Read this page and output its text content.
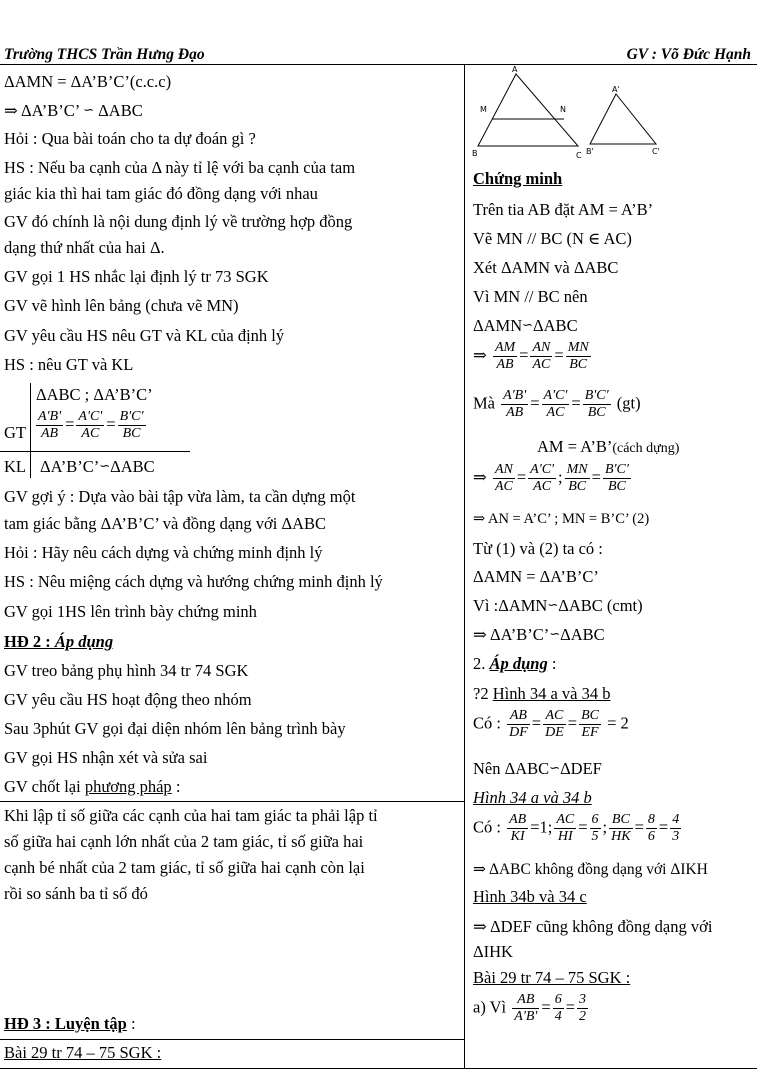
Trường THCS Trần Hưng Đạo	GV : Võ Đức Hạnh
ΔAMN = ΔA’B’C’(c.c.c)
⇒ ΔA’B’C’ ∽ ΔABC
Hỏi : Qua bài toán cho ta dự đoán gì ?
HS : Nếu ba cạnh của Δ này tỉ lệ với ba cạnh của tam
giác kia thì hai tam giác đó đồng dạng với nhau
GV đó chính là nội dung định lý về trường hợp đồng
dạng thứ nhất của hai Δ.
GV gọi 1 HS nhắc lại định lý tr 73 SGK
GV vẽ hình lên bảng (chưa vẽ MN)
GV yêu cầu HS nêu GT và KL của định lý
HS : nêu GT và KL
ΔABC ; ΔA’B’C’
GT $\frac{A'B'}{AB} = \frac{A'C'}{AC} = \frac{B'C'}{BC}$
KL ΔA’B’C’∽ΔABC
GV gợi ý : Dựa vào bài tập vừa làm, ta cần dựng một
tam giác bằng ΔA’B’C’ và đồng dạng với ΔABC
Hỏi : Hãy nêu cách dựng và chứng minh định lý
HS : Nêu miệng cách dựng và hướng chứng minh định lý
GV gọi 1HS lên trình bày chứng minh
HĐ 2 : Áp dụng
GV treo bảng phụ hình 34 tr 74 SGK
GV yêu cầu HS hoạt động theo nhóm
Sau 3phút GV gọi đại diện nhóm lên bảng trình bày
GV gọi HS nhận xét và sửa sai
GV chốt lại phương pháp :
Khi lập tỉ số giữa các cạnh của hai tam giác ta phải lập tỉ
số giữa hai cạnh lớn nhất của 2 tam giác, tỉ số giữa hai
cạnh bé nhất của 2 tam giác, tỉ số giữa hai cạnh còn lại
rồi so sánh ba tỉ số đó
HĐ 3 : Luyện tập :
Bài 29 tr 74 – 75 SGK :
A
M	N
B	C
A'
B'	C'
Chứng minh
Trên tia AB đặt AM = A’B’
Vẽ MN // BC (N ∈ AC)
Xét ΔAMN và ΔABC
Vì MN // BC nên
ΔAMN∽ΔABC
⇒ $\frac{AM}{AB} = \frac{AN}{AC} = \frac{MN}{BC}$
Mà $\frac{A'B'}{AB} = \frac{A'C'}{AC} = \frac{B'C'}{BC} (gt)$
AM = A’B’(cách dựng)
⇒ $\frac{AN}{AC} = \frac{A'C'}{AC}$ ; $\frac{MN}{BC} = \frac{B'C'}{BC}$
⇒ AN = A’C’ ; MN = B’C’ (2)
Từ (1) và (2) ta có :
ΔAMN = ΔA’B’C’
Vì :ΔAMN∽ΔABC (cmt)
⇒ ΔA’B’C’∽ΔABC
2. Áp dụng :
?2 Hình 34 a và 34 b
Có : $\frac{AB}{DF} = \frac{AC}{DE} = \frac{BC}{EF} = 2$
Nên ΔABC∽ΔDEF
Hình 34 a và 34 b
Có : $\frac{AB}{KI} =1$; $\frac{AC}{HI} = \frac{6}{5}$ ; $\frac{BC}{HK} = \frac{8}{6} = \frac{4}{3}$
⇒ ΔABC không đồng dạng với ΔIKH
Hình 34b và 34 c
⇒ ΔDEF cũng không đồng dạng với
ΔIHK
Bài 29 tr 74 – 75 SGK :
a) Vì $\frac{AB}{A'B'} = \frac{6}{4} = \frac{3}{2}$
